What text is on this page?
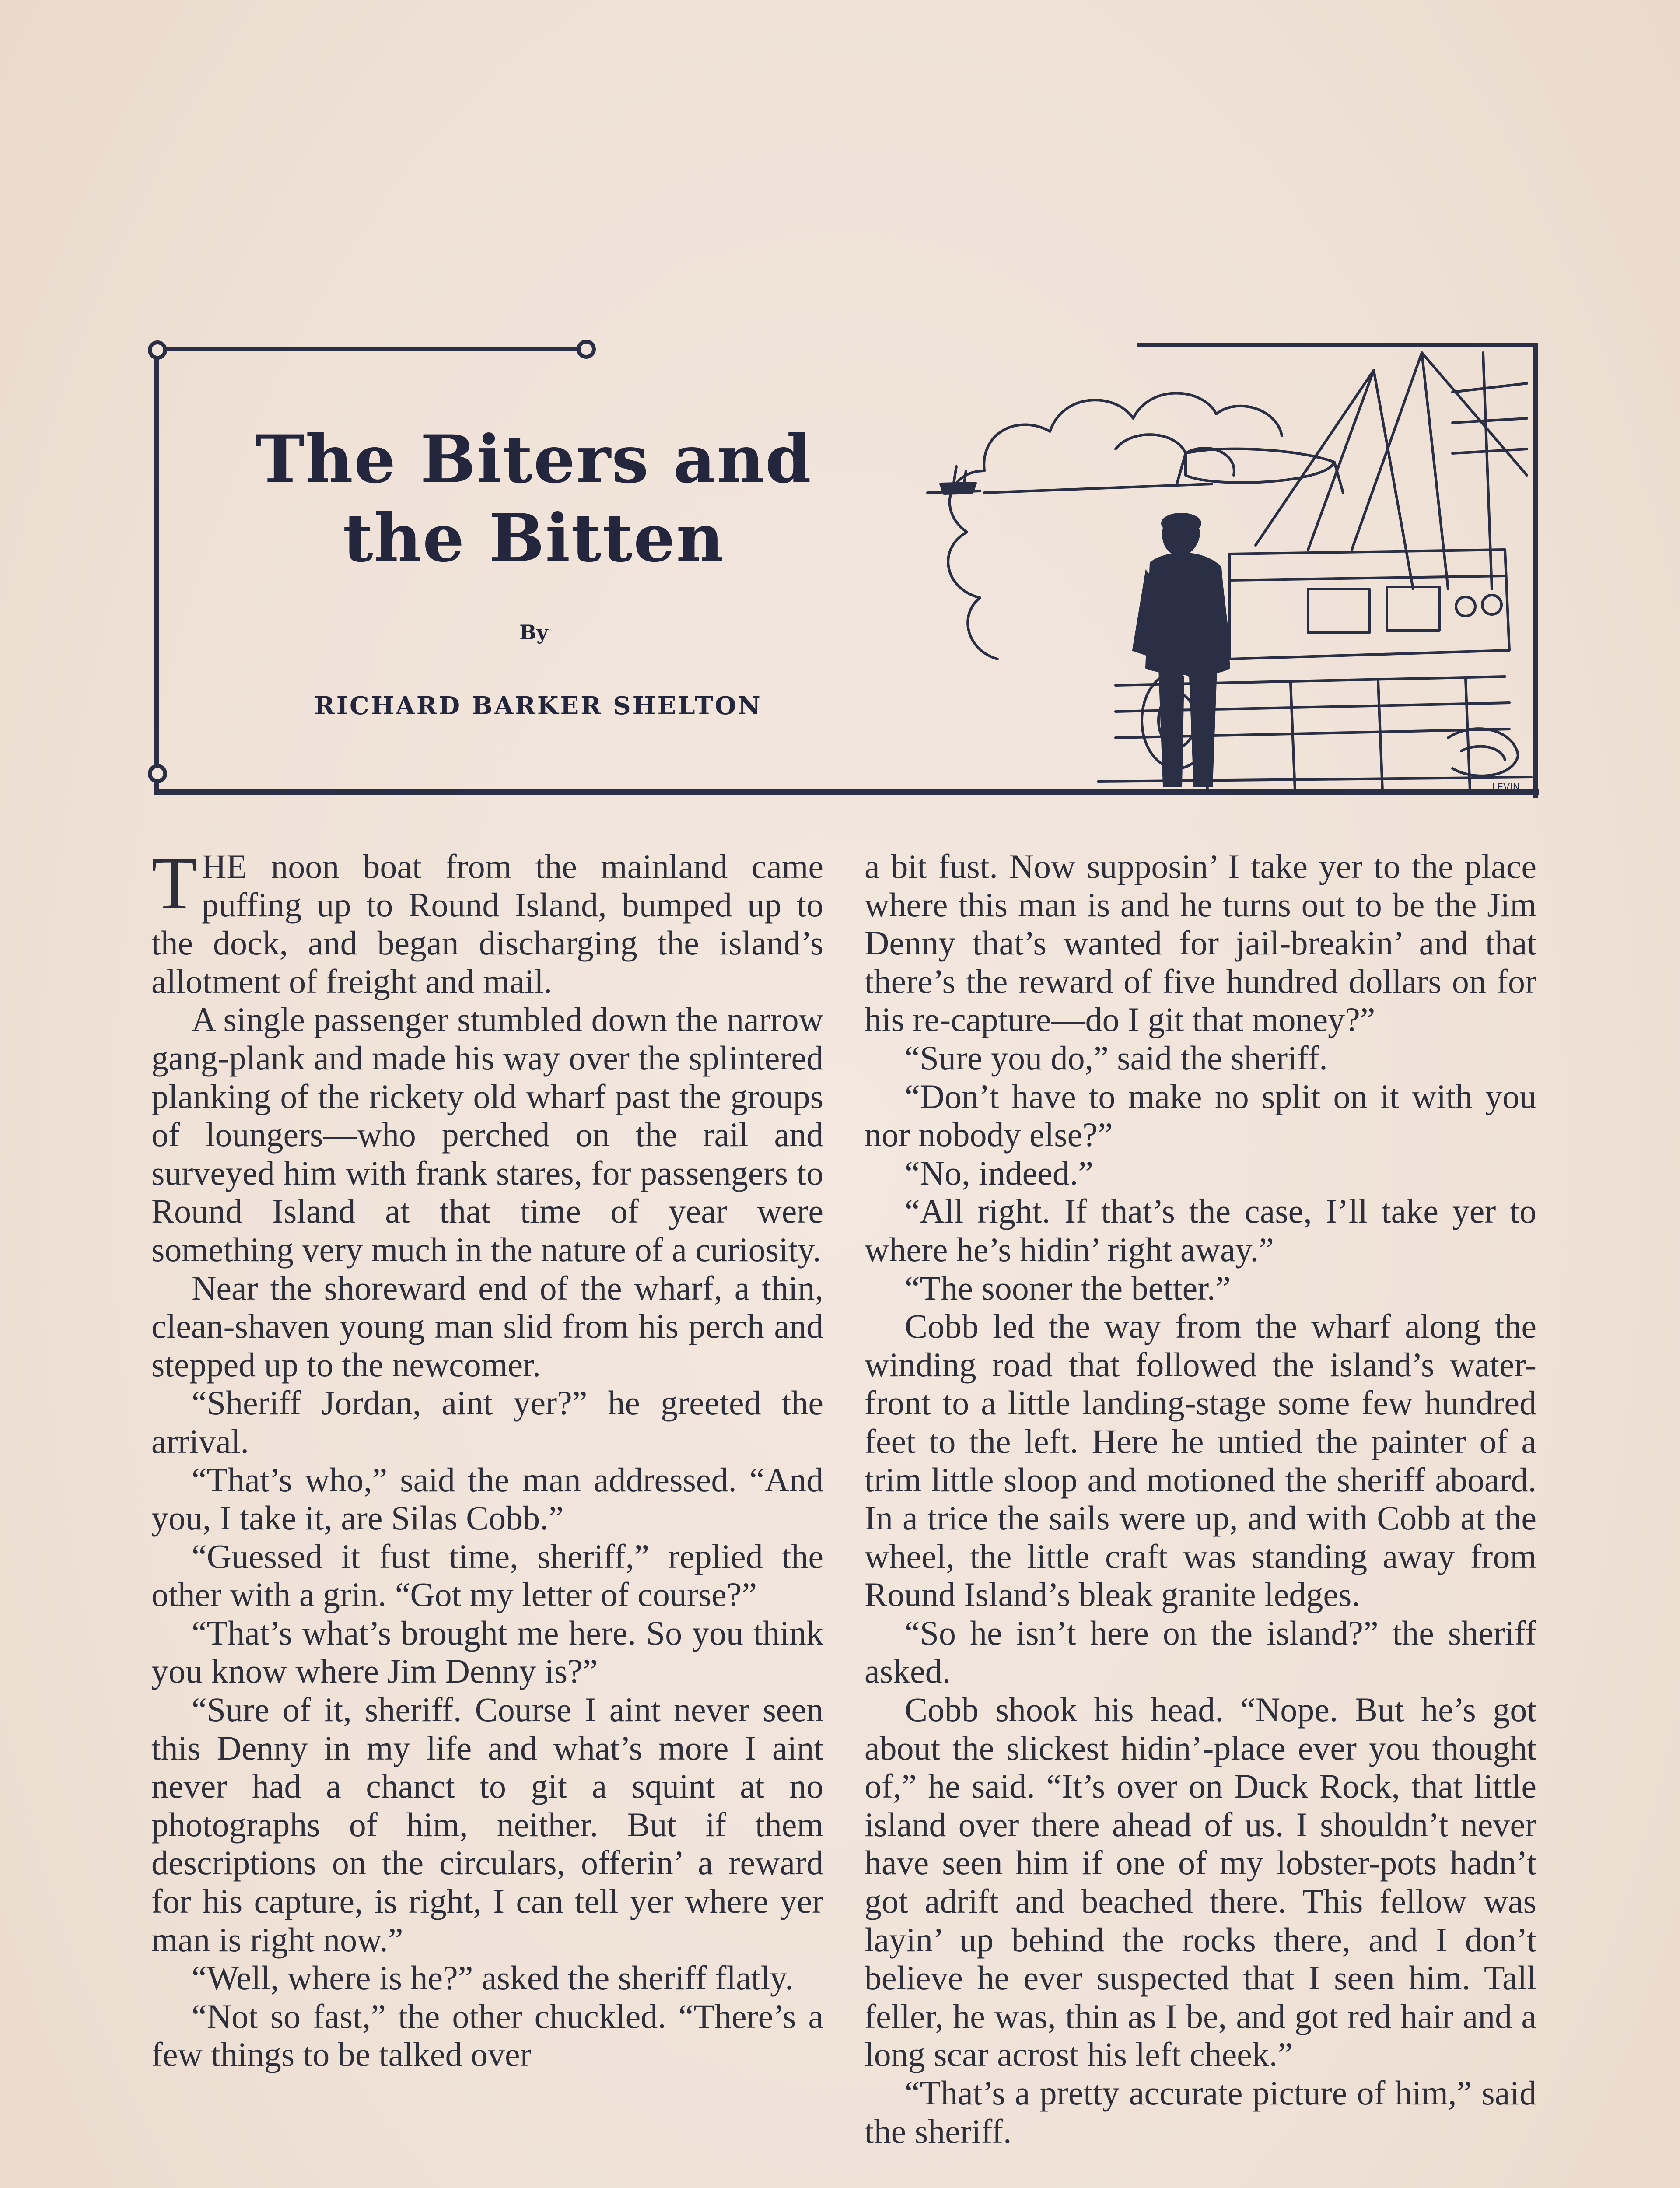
The Biters and
the Bitten
By
RICHARD BARKER SHELTON
LEVIN

THE noon boat from the mainland came puffing up to Round Island, bumped up to the dock, and began discharging the island’s allotment of freight and mail.

A single passenger stumbled down the narrow gang-plank and made his way over the splintered planking of the rickety old wharf past the groups of loungers—who perched on the rail and surveyed him with frank stares, for passengers to Round Island at that time of year were something very much in the nature of a curiosity.

Near the shoreward end of the wharf, a thin, clean-shaven young man slid from his perch and stepped up to the newcomer.

“Sheriff Jordan, aint yer?” he greeted the arrival.

“That’s who,” said the man addressed. “And you, I take it, are Silas Cobb.”

“Guessed it fust time, sheriff,” replied the other with a grin. “Got my letter of course?”

“That’s what’s brought me here. So you think you know where Jim Denny is?”

“Sure of it, sheriff. Course I aint never seen this Denny in my life and what’s more I aint never had a chanct to git a squint at no photographs of him, neither. But if them descriptions on the circulars, offerin’ a reward for his capture, is right, I can tell yer where yer man is right now.”

“Well, where is he?” asked the sheriff flatly.

“Not so fast,” the other chuckled. “There’s a few things to be talked over

a bit fust. Now supposin’ I take yer to the place where this man is and he turns out to be the Jim Denny that’s wanted for jail-breakin’ and that there’s the reward of five hundred dollars on for his re-capture—do I git that money?”

“Sure you do,” said the sheriff.

“Don’t have to make no split on it with you nor nobody else?”

“No, indeed.”

“All right. If that’s the case, I’ll take yer to where he’s hidin’ right away.”

“The sooner the better.”

Cobb led the way from the wharf along the winding road that followed the island’s water-front to a little landing-stage some few hundred feet to the left. Here he untied the painter of a trim little sloop and motioned the sheriff aboard. In a trice the sails were up, and with Cobb at the wheel, the little craft was standing away from Round Island’s bleak granite ledges.

“So he isn’t here on the island?” the sheriff asked.

Cobb shook his head. “Nope. But he’s got about the slickest hidin’-place ever you thought of,” he said. “It’s over on Duck Rock, that little island over there ahead of us. I shouldn’t never have seen him if one of my lobster-pots hadn’t got adrift and beached there. This fellow was layin’ up behind the rocks there, and I don’t believe he ever suspected that I seen him. Tall feller, he was, thin as I be, and got red hair and a long scar acrost his left cheek.”

“That’s a pretty accurate picture of him,” said the sheriff.
